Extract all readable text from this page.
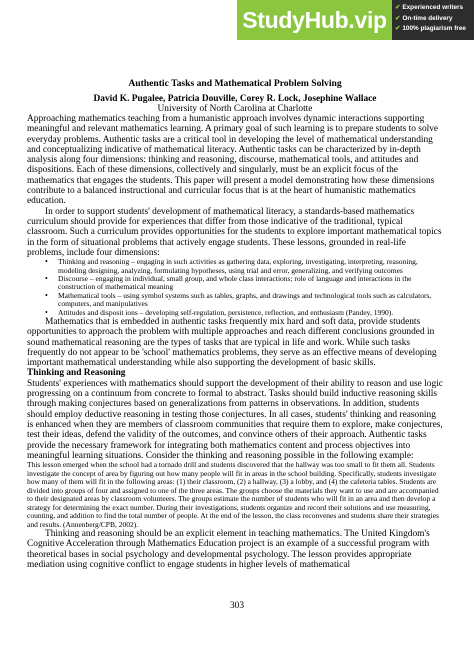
StudyHub.vip	✔ Experienced writers
✔ On-time delivery
✔ 100% plagiarism free
Authentic Tasks and Mathematical Problem Solving
David K. Pugalee, Patricia Douville, Corey R. Lock, Josephine Wallace
University of North Carolina at Charlotte

Approaching mathematics teaching from a humanistic approach involves dynamic interactions supporting meaningful and relevant mathematics learning. A primary goal of such learning is to prepare students to solve everyday problems. Authentic tasks are a critical tool in developing the level of mathematical understanding and conceptualizing indicative of mathematical literacy. Authentic tasks can be characterized by in-depth analysis along four dimensions: thinking and reasoning, discourse, mathematical tools, and attitudes and dispositions. Each of these dimensions, collectively and singularly, must be an explicit focus of the mathematics that engages the students. This paper will present a model demonstrating how these dimensions contribute to a balanced instructional and curricular focus that is at the heart of humanistic mathematics education.

In order to support students' development of mathematical literacy, a standards-based mathematics curriculum should provide for experiences that differ from those indicative of the traditional, typical classroom. Such a curriculum provides opportunities for the students to explore important mathematical topics in the form of situational problems that actively engage students. These lessons, grounded in real-life problems, include four dimensions:

• Thinking and reasoning – engaging in such activities as gathering data, exploring, investigating, interpreting, reasoning, modeling designing, analyzing, formulating hypotheses, using trial and error, generalizing, and verifying outcomes
• Discourse – engaging in individual, small group, and whole class interactions; role of language and interactions in the construction of mathematical meaning
• Mathematical tools – using symbol systems such as tables, graphs, and drawings and technological tools such as calculators, computers, and manipulatives
• Attitudes and disposit ions – developing self-regulation, persistence, reflection, and enthusiasm (Pandey, 1990).

Mathematics that is embedded in authentic tasks frequently mix hard and soft data, provide students opportunities to approach the problem with multiple approaches and reach different conclusions grounded in sound mathematical reasoning are the types of tasks that are typical in life and work. While such tasks frequently do not appear to be 'school' mathematics problems, they serve as an effective means of developing important mathematical understanding while also supporting the development of basic skills.

Thinking and Reasoning

Students' experiences with mathematics should support the development of their ability to reason and use logic progressing on a continuum from concrete to formal to abstract. Tasks should build inductive reasoning skills through making conjectures based on generalizations from patterns in observations. In addition, students should employ deductive reasoning in testing those conjectures. In all cases, students' thinking and reasoning is enhanced when they are members of classroom communities that require them to explore, make conjectures, test their ideas, defend the validity of the outcomes, and convince others of their approach. Authentic tasks provide the necessary framework for integrating both mathematics content and process objectives into meaningful learning situations. Consider the thinking and reasoning possible in the following example:

This lesson emerged when the school had a tornado drill and students discovered that the hallway was too small to fit them all. Students investigate the concept of area by figuring out how many people will fit in areas in the school building. Specifically, students investigate how many of them will fit in the following areas: (1) their classroom, (2) a hallway, (3) a lobby, and (4) the cafeteria tables. Students are divided into groups of four and assigned to one of the three areas. The groups choose the materials they want to use and are accompanied to their designated areas by classroom volunteers. The groups estimate the number of students who will fit in an area and then develop a strategy for determining the exact number. During their investigations, students organize and record their solutions and use measuring, counting, and addition to find the total number of people. At the end of the lesson, the class reconvenes and students share their strategies and results. (Annenberg/CPB, 2002).

Thinking and reasoning should be an explicit element in teaching mathematics. The United Kingdom's Cognitive Acceleration through Mathematics Education project is an example of a successful program with theoretical bases in social psychology and developmental psychology. The lesson provides appropriate mediation using cognitive conflict to engage students in higher levels of mathematical

303
